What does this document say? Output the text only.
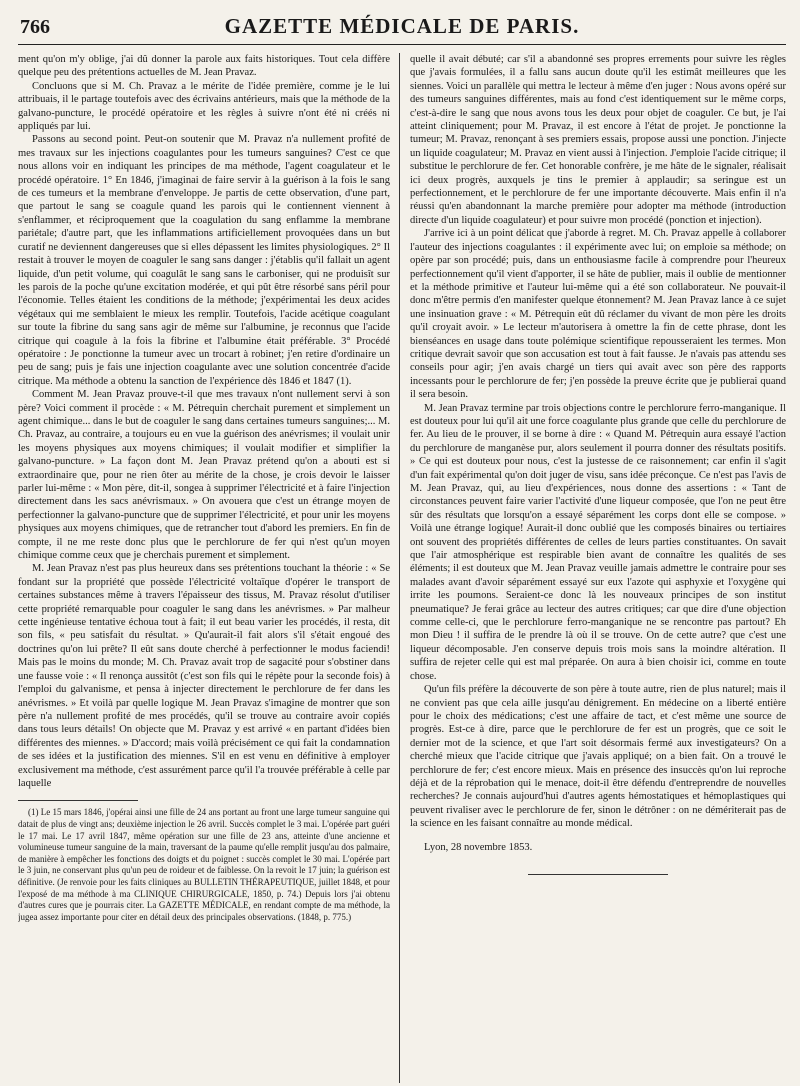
766	GAZETTE MÉDICALE DE PARIS.

ment qu'on m'y oblige, j'ai dû donner la parole aux faits historiques. Tout cela diffère quelque peu des prétentions actuelles de M. Jean Pravaz.

Concluons que si M. Ch. Pravaz a le mérite de l'idée première, comme je le lui attribuais, il le partage toutefois avec des écrivains antérieurs, mais que la méthode de la galvano-puncture, le procédé opératoire et les règles à suivre n'ont été ni créés ni appliqués par lui.

Passons au second point. Peut-on soutenir que M. Pravaz n'a nullement profité de mes travaux sur les injections coagulantes pour les tumeurs sanguines? C'est ce que nous allons voir en indiquant les principes de ma méthode, l'agent coagulateur et le procédé opératoire. 1° En 1846, j'imaginai de faire servir à la guérison à la fois le sang de ces tumeurs et la membrane d'enveloppe. Je partis de cette observation, d'une part, que partout le sang se coagule quand les parois qui le contiennent viennent à s'enflammer, et réciproquement que la coagulation du sang enflamme la membrane pariétale; d'autre part, que les inflammations artificiellement provoquées dans un but curatif ne deviennent dangereuses que si elles dépassent les limites physiologiques. 2° Il restait à trouver le moyen de coaguler le sang sans danger : j'établis qu'il fallait un agent liquide, d'un petit volume, qui coagulât le sang sans le carboniser, qui ne produisît sur les parois de la poche qu'une excitation modérée, et qui pût être résorbé sans péril pour l'économie. Telles étaient les conditions de la méthode; j'expérimentai les deux acides végétaux qui me semblaient le mieux les remplir. Toutefois, l'acide acétique coagulant sur toute la fibrine du sang sans agir de même sur l'albumine, je reconnus que l'acide citrique qui coagule à la fois la fibrine et l'albumine était préférable. 3° Procédé opératoire : Je ponctionne la tumeur avec un trocart à robinet; j'en retire d'ordinaire un peu de sang; puis je fais une injection coagulante avec une solution concentrée d'acide citrique. Ma méthode a obtenu la sanction de l'expérience dès 1846 et 1847 (1).

Comment M. Jean Pravaz prouve-t-il que mes travaux n'ont nullement servi à son père? Voici comment il procède : « M. Pétrequin cherchait purement et simplement un agent chimique... dans le but de coaguler le sang dans certaines tumeurs sanguines;... M. Ch. Pravaz, au contraire, a toujours eu en vue la guérison des anévrismes; il voulait unir les moyens physiques aux moyens chimiques; il voulait modifier et simplifier la galvano-puncture. » La façon dont M. Jean Pravaz prétend qu'on a abouti est si extraordinaire que, pour ne rien ôter au mérite de la chose, je crois devoir le laisser parler lui-même : « Mon père, dit-il, songea à supprimer l'électricité et à faire l'injection directement dans les sacs anévrismaux. » On avouera que c'est un étrange moyen de perfectionner la galvano-puncture que de supprimer l'électricité, et pour unir les moyens physiques aux moyens chimiques, que de retrancher tout d'abord les premiers. En fin de compte, il ne me reste donc plus que le perchlorure de fer qui n'est qu'un moyen chimique comme ceux que je cherchais purement et simplement.

M. Jean Pravaz n'est pas plus heureux dans ses prétentions touchant la théorie : « Se fondant sur la propriété que possède l'électricité voltaïque d'opérer le transport de certaines substances même à travers l'épaisseur des tissus, M. Pravaz résolut d'utiliser cette propriété remarquable pour coaguler le sang dans les anévrismes. » Par malheur cette ingénieuse tentative échoua tout à fait; il eut beau varier les procédés, il resta, dit son fils, « peu satisfait du résultat. » Qu'aurait-il fait alors s'il s'était engoué des doctrines qu'on lui prête? Il eût sans doute cherché à perfectionner le modus faciendi! Mais pas le moins du monde; M. Ch. Pravaz avait trop de sagacité pour s'obstiner dans une fausse voie : « Il renonça aussitôt (c'est son fils qui le répète pour la seconde fois) à l'emploi du galvanisme, et pensa à injecter directement le perchlorure de fer dans les anévrismes. » Et voilà par quelle logique M. Jean Pravaz s'imagine de montrer que son père n'a nullement profité de mes procédés, qu'il se trouve au contraire avoir copiés dans tous leurs détails! On objecte que M. Pravaz y est arrivé « en partant d'idées bien différentes des miennes. » D'accord; mais voilà précisément ce qui fait la condamnation de ses idées et la justification des miennes. S'il en est venu en définitive à employer exclusivement ma méthode, c'est assurément parce qu'il l'a trouvée préférable à celle par laquelle

(1) Le 15 mars 1846, j'opérai ainsi une fille de 24 ans portant au front une large tumeur sanguine qui datait de plus de vingt ans; deuxième injection le 26 avril. Succès complet le 3 mai. L'opérée part guéri le 17 mai. Le 17 avril 1847, même opération sur une fille de 23 ans, atteinte d'une ancienne et volumineuse tumeur sanguine de la main, traversant de la paume qu'elle remplit jusqu'au dos palmaire, de manière à empêcher les fonctions des doigts et du poignet : succès complet le 30 mai. L'opérée part le 3 juin, ne conservant plus qu'un peu de roideur et de faiblesse. On la revoit le 17 juin; la guérison est définitive. (Je renvoie pour les faits cliniques au BULLETIN THÉRAPEUTIQUE, juillet 1848, et pour l'exposé de ma méthode à ma CLINIQUE CHIRURGICALE, 1850, p. 74.) Depuis lors j'ai obtenu d'autres cures que je pourrais citer. La GAZETTE MÉDICALE, en rendant compte de ma méthode, la jugea assez importante pour citer en détail deux des principales observations. (1848, p. 775.)

quelle il avait débuté; car s'il a abandonné ses propres errements pour suivre les règles que j'avais formulées, il a fallu sans aucun doute qu'il les estimât meilleures que les siennes. Voici un parallèle qui mettra le lecteur à même d'en juger : Nous avons opéré sur des tumeurs sanguines différentes, mais au fond c'est identiquement sur le même corps, c'est-à-dire le sang que nous avons tous les deux pour objet de coaguler. Ce but, je l'ai atteint cliniquement; pour M. Pravaz, il est encore à l'état de projet. Je ponctionne la tumeur; M. Pravaz, renonçant à ses premiers essais, propose aussi une ponction. J'injecte un liquide coagulateur; M. Pravaz en vient aussi à l'injection. J'emploie l'acide citrique; il substitue le perchlorure de fer. Cet honorable confrère, je me hâte de le signaler, réalisait ici deux progrès, auxquels je tins le premier à applaudir; sa seringue est un perfectionnement, et le perchlorure de fer une importante découverte. Mais enfin il n'a réussi qu'en abandonnant la marche première pour adopter ma méthode (introduction directe d'un liquide coagulateur) et pour suivre mon procédé (ponction et injection).

J'arrive ici à un point délicat que j'aborde à regret. M. Ch. Pravaz appelle à collaborer l'auteur des injections coagulantes : il expérimente avec lui; on emploie sa méthode; on opère par son procédé; puis, dans un enthousiasme facile à comprendre pour l'heureux perfectionnement qu'il vient d'apporter, il se hâte de publier, mais il oublie de mentionner et la méthode primitive et l'auteur lui-même qui a été son collaborateur. Ne pouvait-il donc m'être permis d'en manifester quelque étonnement? M. Jean Pravaz lance à ce sujet une insinuation grave : « M. Pétrequin eût dû réclamer du vivant de mon père les droits qu'il croyait avoir. » Le lecteur m'autorisera à omettre la fin de cette phrase, dont les bienséances en usage dans toute polémique scientifique repousseraient les termes. Mon critique devrait savoir que son accusation est tout à fait fausse. Je n'avais pas attendu ses conseils pour agir; j'en avais chargé un tiers qui avait avec son père des rapports incessants pour le perchlorure de fer; j'en possède la preuve écrite que je publierai quand il sera besoin.

M. Jean Pravaz termine par trois objections contre le perchlorure ferro-manganique. Il est douteux pour lui qu'il ait une force coagulante plus grande que celle du perchlorure de fer. Au lieu de le prouver, il se borne à dire : « Quand M. Pétrequin aura essayé l'action du perchlorure de manganèse pur, alors seulement il pourra donner des résultats positifs. » Ce qui est douteux pour nous, c'est la justesse de ce raisonnement; car enfin il s'agit d'un fait expérimental qu'on doit juger de visu, sans idée préconçue. Ce n'est pas l'avis de M. Jean Pravaz, qui, au lieu d'expériences, nous donne des assertions : « Tant de circonstances peuvent faire varier l'activité d'une liqueur composée, que l'on ne peut être sûr des résultats que lorsqu'on a essayé séparément les corps dont elle se compose. » Voilà une étrange logique! Aurait-il donc oublié que les composés binaires ou tertiaires ont souvent des propriétés différentes de celles de leurs parties constituantes. On savait que l'air atmosphérique est respirable bien avant de connaître les qualités de ses éléments; il est douteux que M. Jean Pravaz veuille jamais admettre le contraire pour ses malades avant d'avoir séparément essayé sur eux l'azote qui asphyxie et l'oxygène qui irrite les poumons. Seraient-ce donc là les nouveaux principes de son institut pneumatique? Je ferai grâce au lecteur des autres critiques; car que dire d'une objection comme celle-ci, que le perchlorure ferro-manganique ne se rencontre pas partout? Eh mon Dieu ! il suffira de le prendre là où il se trouve. On de cette autre? que c'est une liqueur décomposable. J'en conserve depuis trois mois sans la moindre altération. Il suffira de rejeter celle qui est mal préparée. On aura à bien choisir ici, comme en toute chose.

Qu'un fils préfère la découverte de son père à toute autre, rien de plus naturel; mais il ne convient pas que cela aille jusqu'au dénigrement. En médecine on a liberté entière pour le choix des médications; c'est une affaire de tact, et c'est même une source de progrès. Est-ce à dire, parce que le perchlorure de fer est un progrès, que ce soit le dernier mot de la science, et que l'art soit désormais fermé aux investigateurs? On a cherché mieux que l'acide citrique que j'avais appliqué; on a bien fait. On a trouvé le perchlorure de fer; c'est encore mieux. Mais en présence des insuccès qu'on lui reproche déjà et de la réprobation qui le menace, doit-il être défendu d'entreprendre de nouvelles recherches? Je connais aujourd'hui d'autres agents hémostatiques et hémoplastiques qui peuvent rivaliser avec le perchlorure de fer, sinon le détrôner : on ne démériterait pas de la science en les faisant connaître au monde médical.

Lyon, 28 novembre 1853.
